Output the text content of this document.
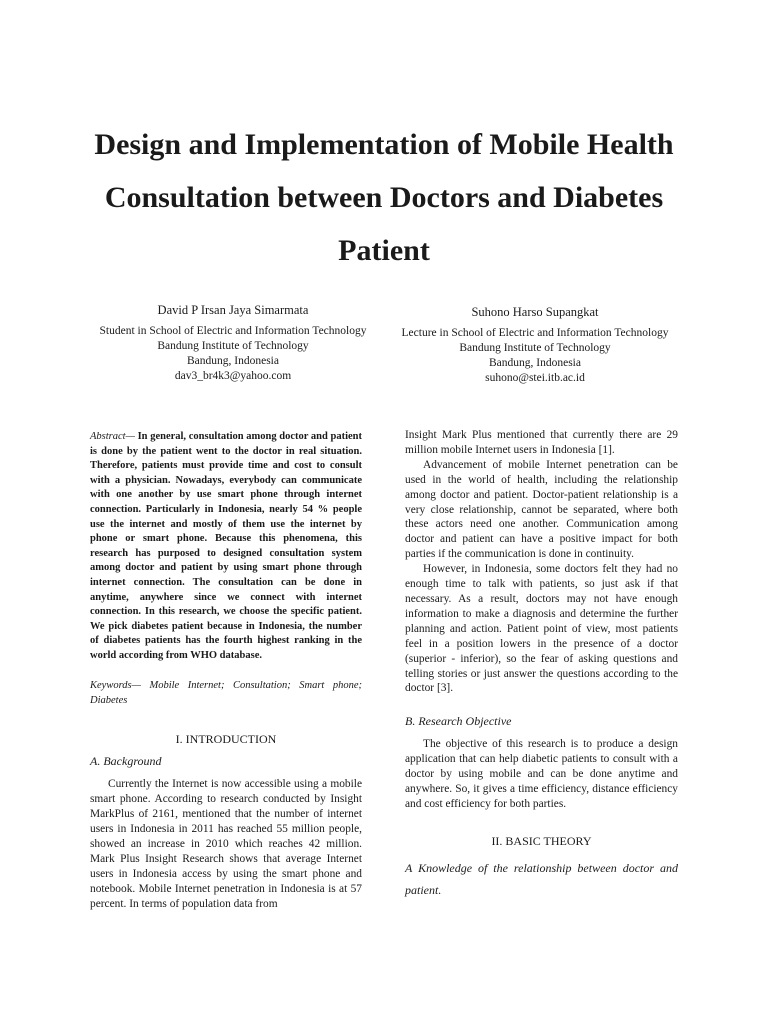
Design and Implementation of Mobile Health Consultation between Doctors and Diabetes Patient
David P Irsan Jaya Simarmata
Student in School of Electric and Information Technology
Bandung Institute of Technology
Bandung, Indonesia
dav3_br4k3@yahoo.com
Suhono Harso Supangkat
Lecture in School of Electric and Information Technology
Bandung Institute of Technology
Bandung, Indonesia
suhono@stei.itb.ac.id

Abstract— In general, consultation among doctor and patient is done by the patient went to the doctor in real situation. Therefore, patients must provide time and cost to consult with a physician. Nowadays, everybody can communicate with one another by use smart phone through internet connection. Particularly in Indonesia, nearly 54 % people use the internet and mostly of them use the internet by phone or smart phone. Because this phenomena, this research has purposed to designed consultation system among doctor and patient by using smart phone through internet connection. The consultation can be done in anytime, anywhere since we connect with internet connection. In this research, we choose the specific patient. We pick diabetes patient because in Indonesia, the number of diabetes patients has the fourth highest ranking in the world according from WHO database.

Keywords— Mobile Internet; Consultation; Smart phone; Diabetes

I. INTRODUCTION
A. Background

Currently the Internet is now accessible using a mobile smart phone. According to research conducted by Insight MarkPlus of 2161, mentioned that the number of internet users in Indonesia in 2011 has reached 55 million people, showed an increase in 2010 which reaches 42 million. Mark Plus Insight Research shows that average Internet users in Indonesia access by using the smart phone and notebook. Mobile Internet penetration in Indonesia is at 57 percent. In terms of population data from

Insight Mark Plus mentioned that currently there are 29 million mobile Internet users in Indonesia [1].

Advancement of mobile Internet penetration can be used in the world of health, including the relationship among doctor and patient. Doctor-patient relationship is a very close relationship, cannot be separated, where both these actors need one another. Communication among doctor and patient can have a positive impact for both parties if the communication is done in continuity.

However, in Indonesia, some doctors felt they had no enough time to talk with patients, so just ask if that necessary. As a result, doctors may not have enough information to make a diagnosis and determine the further planning and action. Patient point of view, most patients feel in a position lowers in the presence of a doctor (superior - inferior), so the fear of asking questions and telling stories or just answer the questions according to the doctor [3].

B. Research Objective

The objective of this research is to produce a design application that can help diabetic patients to consult with a doctor by using mobile and can be done anytime and anywhere. So, it gives a time efficiency, distance efficiency and cost efficiency for both parties.

II. BASIC THEORY
A Knowledge of the relationship between doctor and patient.
